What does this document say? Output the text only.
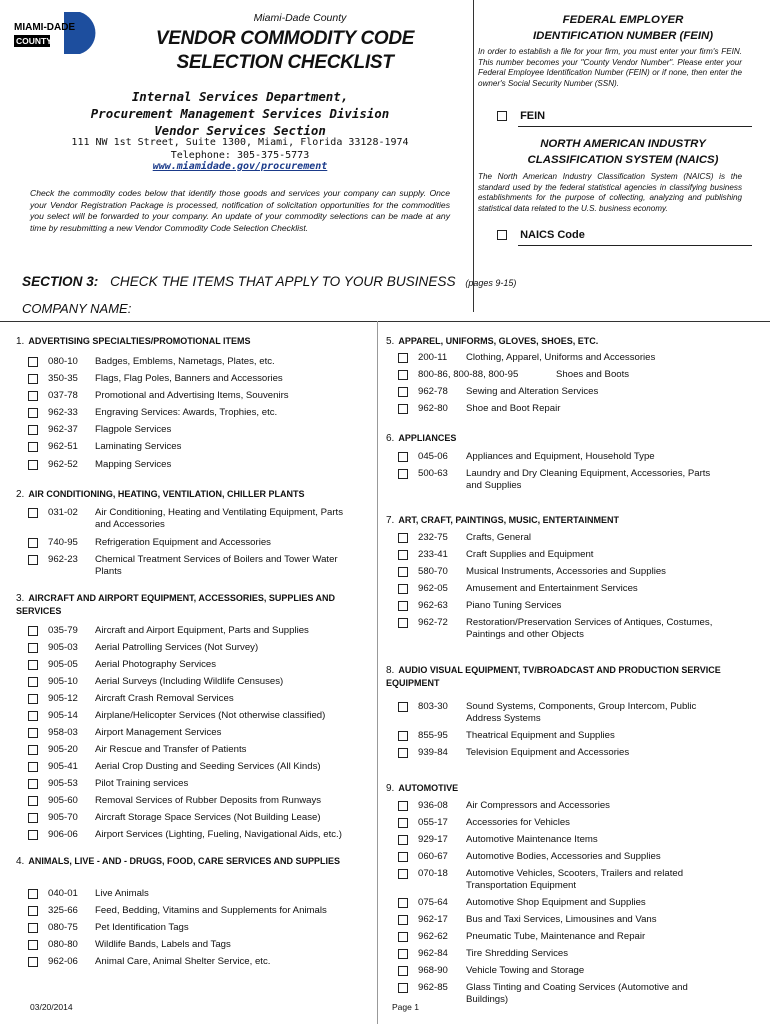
MIAMI-DADE
COUNTY
Miami-Dade County
VENDOR COMMODITY CODE
SELECTION CHECKLIST
Internal Services Department,
Procurement Management Services Division
Vendor Services Section
111 NW 1st Street, Suite 1300, Miami, Florida 33128-1974
Telephone: 305-375-5773
www.miamidade.gov/procurement
Check the commodity codes below that identify those goods and services your company can supply. Once your Vendor Registration Package is processed, notification of solicitation opportunities for the commodities you select will be forwarded to your company. An update of your commodity selections can be made at any time by resubmitting a new Vendor Commodity Code Selection Checklist.
FEDERAL EMPLOYER
IDENTIFICATION NUMBER (FEIN)
In order to establish a file for your firm, you must enter your firm's FEIN. This number becomes your "County Vendor Number". Please enter your Federal Employee Identification Number (FEIN) or if none, then enter the owner's Social Security Number (SSN).
FEIN
NORTH AMERICAN INDUSTRY
CLASSIFICATION SYSTEM (NAICS)
The North American Industry Classification System (NAICS) is the standard used by the federal statistical agencies in classifying business establishments for the purpose of collecting, analyzing and publishing statistical data related to the U.S. business economy.
NAICS Code
SECTION 3: CHECK THE ITEMS THAT APPLY TO YOUR BUSINESS (pages 9-15)
COMPANY NAME:
1. ADVERTISING SPECIALTIES/PROMOTIONAL ITEMS
080-10 Badges, Emblems, Nametags, Plates, etc.
350-35 Flags, Flag Poles, Banners and Accessories
037-78 Promotional and Advertising Items, Souvenirs
962-33 Engraving Services: Awards, Trophies, etc.
962-37 Flagpole Services
962-51 Laminating Services
962-52 Mapping Services
2. AIR CONDITIONING, HEATING, VENTILATION, CHILLER PLANTS
031-02 Air Conditioning, Heating and Ventilating Equipment, Parts and Accessories
740-95 Refrigeration Equipment and Accessories
962-23 Chemical Treatment Services of Boilers and Tower Water Plants
3. AIRCRAFT AND AIRPORT EQUIPMENT, ACCESSORIES, SUPPLIES AND SERVICES
035-79 Aircraft and Airport Equipment, Parts and Supplies
905-03 Aerial Patrolling Services (Not Survey)
905-05 Aerial Photography Services
905-10 Aerial Surveys (Including Wildlife Censuses)
905-12 Aircraft Crash Removal Services
905-14 Airplane/Helicopter Services (Not otherwise classified)
958-03 Airport Management Services
905-20 Air Rescue and Transfer of Patients
905-41 Aerial Crop Dusting and Seeding Services (All Kinds)
905-53 Pilot Training services
905-60 Removal Services of Rubber Deposits from Runways
905-70 Aircraft Storage Space Services (Not Building Lease)
906-06 Airport Services (Lighting, Fueling, Navigational Aids, etc.)
4. ANIMALS, LIVE - AND - DRUGS, FOOD, CARE SERVICES AND SUPPLIES
040-01 Live Animals
325-66 Feed, Bedding, Vitamins and Supplements for Animals
080-75 Pet Identification Tags
080-80 Wildlife Bands, Labels and Tags
962-06 Animal Care, Animal Shelter Service, etc.
5. APPAREL, UNIFORMS, GLOVES, SHOES, ETC.
200-11 Clothing, Apparel, Uniforms and Accessories
800-86, 800-88, 800-95	Shoes and Boots
962-78 Sewing and Alteration Services
962-80 Shoe and Boot Repair
6. APPLIANCES
045-06 Appliances and Equipment, Household Type
500-63 Laundry and Dry Cleaning Equipment, Accessories, Parts and Supplies
7. ART, CRAFT, PAINTINGS, MUSIC, ENTERTAINMENT
232-75 Crafts, General
233-41 Craft Supplies and Equipment
580-70 Musical Instruments, Accessories and Supplies
962-05 Amusement and Entertainment Services
962-63 Piano Tuning Services
962-72 Restoration/Preservation Services of Antiques, Costumes, Paintings and other Objects
8. AUDIO VISUAL EQUIPMENT, TV/BROADCAST AND PRODUCTION SERVICE EQUIPMENT
803-30 Sound Systems, Components, Group Intercom, Public Address Systems
855-95 Theatrical Equipment and Supplies
939-84 Television Equipment and Accessories
9. AUTOMOTIVE
936-08 Air Compressors and Accessories
055-17 Accessories for Vehicles
929-17 Automotive Maintenance Items
060-67 Automotive Bodies, Accessories and Supplies
070-18 Automotive Vehicles, Scooters, Trailers and related Transportation Equipment
075-64 Automotive Shop Equipment and Supplies
962-17 Bus and Taxi Services, Limousines and Vans
962-62 Pneumatic Tube, Maintenance and Repair
962-84 Tire Shredding Services
968-90 Vehicle Towing and Storage
962-85 Glass Tinting and Coating Services (Automotive and Buildings)
03/20/2014	Page 1
